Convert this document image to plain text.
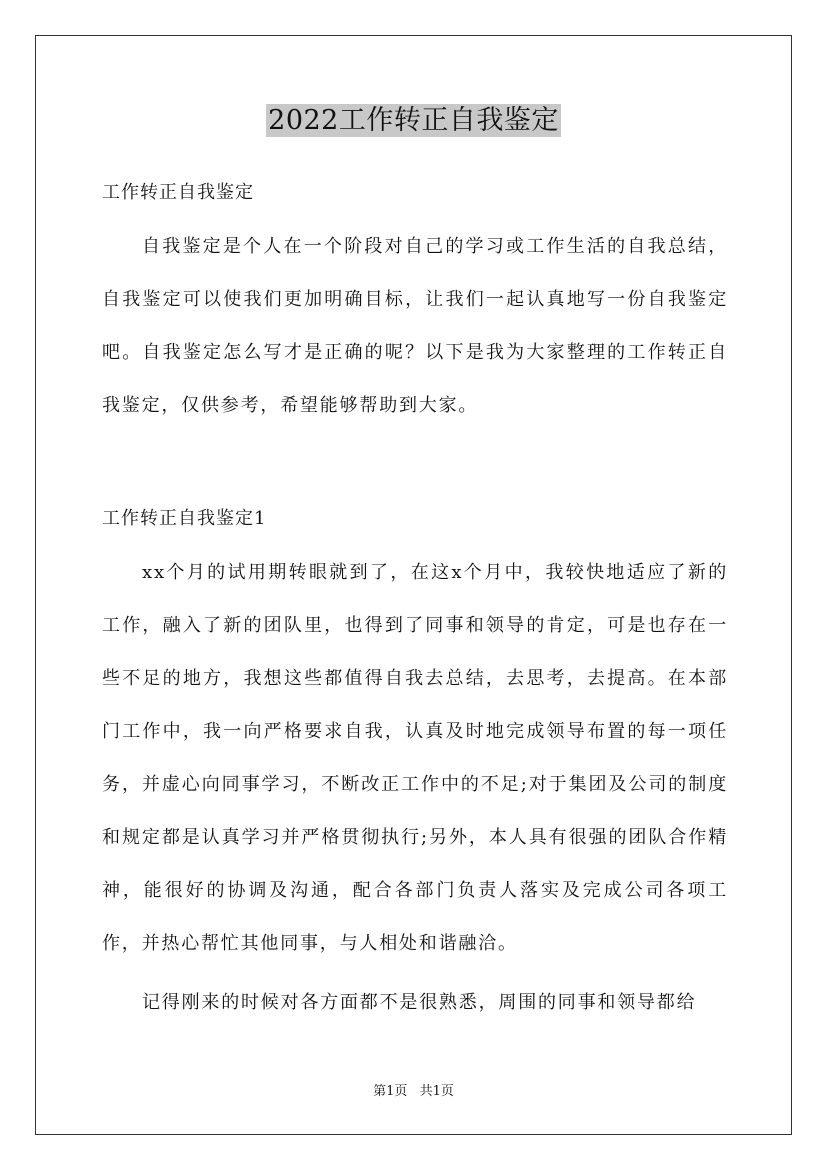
2022工作转正自我鉴定
工作转正自我鉴定
自我鉴定是个人在一个阶段对自己的学习或工作生活的自我总结，自我鉴定可以使我们更加明确目标，让我们一起认真地写一份自我鉴定吧。自我鉴定怎么写才是正确的呢？以下是我为大家整理的工作转正自我鉴定，仅供参考，希望能够帮助到大家。
工作转正自我鉴定1
xx个月的试用期转眼就到了，在这x个月中，我较快地适应了新的工作，融入了新的团队里，也得到了同事和领导的肯定，可是也存在一些不足的地方，我想这些都值得自我去总结，去思考，去提高。在本部门工作中，我一向严格要求自我，认真及时地完成领导布置的每一项任务，并虚心向同事学习，不断改正工作中的不足;对于集团及公司的制度和规定都是认真学习并严格贯彻执行;另外，本人具有很强的团队合作精神，能很好的协调及沟通，配合各部门负责人落实及完成公司各项工作，并热心帮忙其他同事，与人相处和谐融洽。
记得刚来的时候对各方面都不是很熟悉，周围的同事和领导都给
第1页 共1页
